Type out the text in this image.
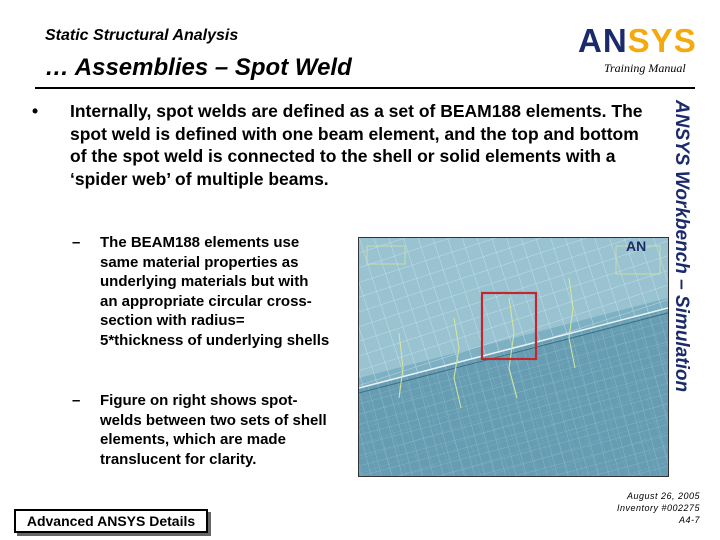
Static Structural Analysis
… Assemblies – Spot Weld
ANSYS
Training Manual
ANSYS Workbench – Simulation
• Internally, spot welds are defined as a set of BEAM188 elements. The spot weld is defined with one beam element, and the top and bottom of the spot weld is connected to the shell or solid elements with a ‘spider web’ of multiple beams.
– The BEAM188 elements use same material properties as underlying materials but with an appropriate circular cross-section with radius= 5*thickness of underlying shells
– Figure on right shows spot-welds between two sets of shell elements, which are made translucent for clarity.
AN
Advanced ANSYS Details
August 26, 2005
Inventory #002275
A4-7
